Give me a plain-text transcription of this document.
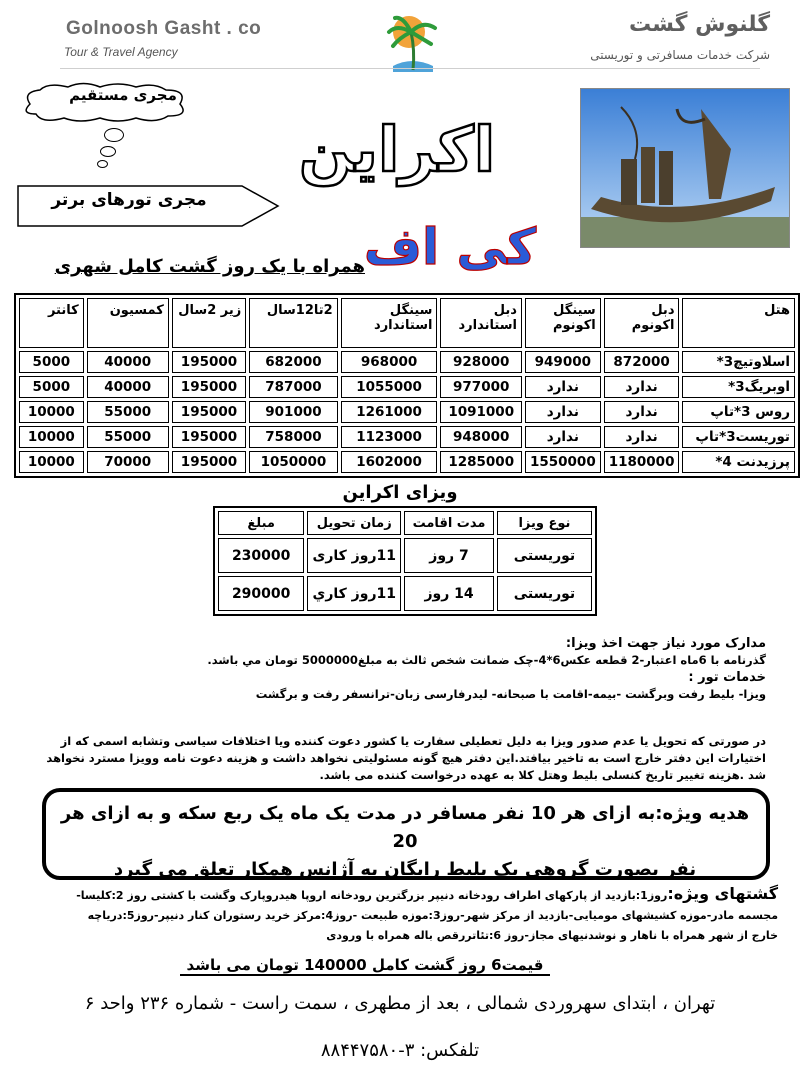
Golnoosh Gasht . co
Tour & Travel Agency
گلنوش گشت
شرکت خدمات مسافرتی و توریستی
مجری مستقیم
مجری تورهای برتر
اکراین
کی اف
همراه با یک روز گشت کامل شهری
هتل	دبل اکونوم	سینگل اکونوم	دبل استاندارد	سینگل استاندارد	2تا12سال	زیر 2سال	کمسیون	کانتر
اسلاوتیچ3*	872000	949000	928000	968000	682000	195000	40000	5000
اوبریگ3*	ندارد	ندارد	977000	1055000	787000	195000	40000	5000
روس 3*تاپ	ندارد	ندارد	1091000	1261000	901000	195000	55000	10000
توریست3*تاپ	ندارد	ندارد	948000	1123000	758000	195000	55000	10000
پرزیدنت 4*	1180000	1550000	1285000	1602000	1050000	195000	70000	10000
ویزای اکراین
نوع ویزا	مدت اقامت	زمان تحویل	مبلغ
توریستی	7 روز	11روز کاری	230000
توریستی	14 روز	11روز کاري	290000
مدارک مورد نیاز جهت اخذ ویزا:
گذرنامه با 6ماه اعتبار-2 قطعه عکس6*4-چک ضمانت شخص ثالث به مبلغ5000000 تومان مي باشد.
خدمات تور :
ویزا- بلیط رفت وبرگشت -بیمه-اقامت با صبحانه- لیدرفارسی زبان-ترانسفر رفت و برگشت
در صورتی که تحویل یا عدم صدور ویزا به دلیل تعطیلی سفارت یا کشور دعوت کننده ویا اختلافات سیاسی وتشابه اسمی که از اختیارات این دفتر خارج است به تاخیر بیافتد.این دفتر هیچ گونه مسئولیتی نخواهد داشت و هزینه دعوت نامه وویزا مسترد نخواهد شد .هزینه تغییر تاریخ کنسلی بلیط وهتل کلا به عهده درخواست کننده می باشد.
هدیه ویژه:به ازای هر 10 نفر مسافر در مدت یک ماه یک ربع سکه و به ازای هر 20
نفر بصورت گروهی یک بلیط رایگان به آژانس همکار تعلق می گیرد
گشتهای ویژه:روز1:بازدید از پارکهای اطراف رودخانه دنیپر بزرگترین رودخانه اروپا هیدروپارک وگشت با کشتی روز 2:کلیسا-
مجسمه مادر-موزه کشیشهای مومیایی-بازدید از مرکز شهر-روز3:موزه طبیعت -روز4:مرکز خرید رستوران کنار دنیپر-روز5:دریاچه
خارج از شهر همراه با ناهار و نوشدنیهای مجاز-روز 6:تئاتررقص باله همراه با ورودی
قیمت6 روز گشت کامل 140000 تومان می باشد
تهران ، ابتدای سهروردی شمالی ، بعد از مطهری ، سمت راست - شماره ۲۳۶ واحد ۶
تلفکس: ۳-۸۸۴۴۷۵۸۰
